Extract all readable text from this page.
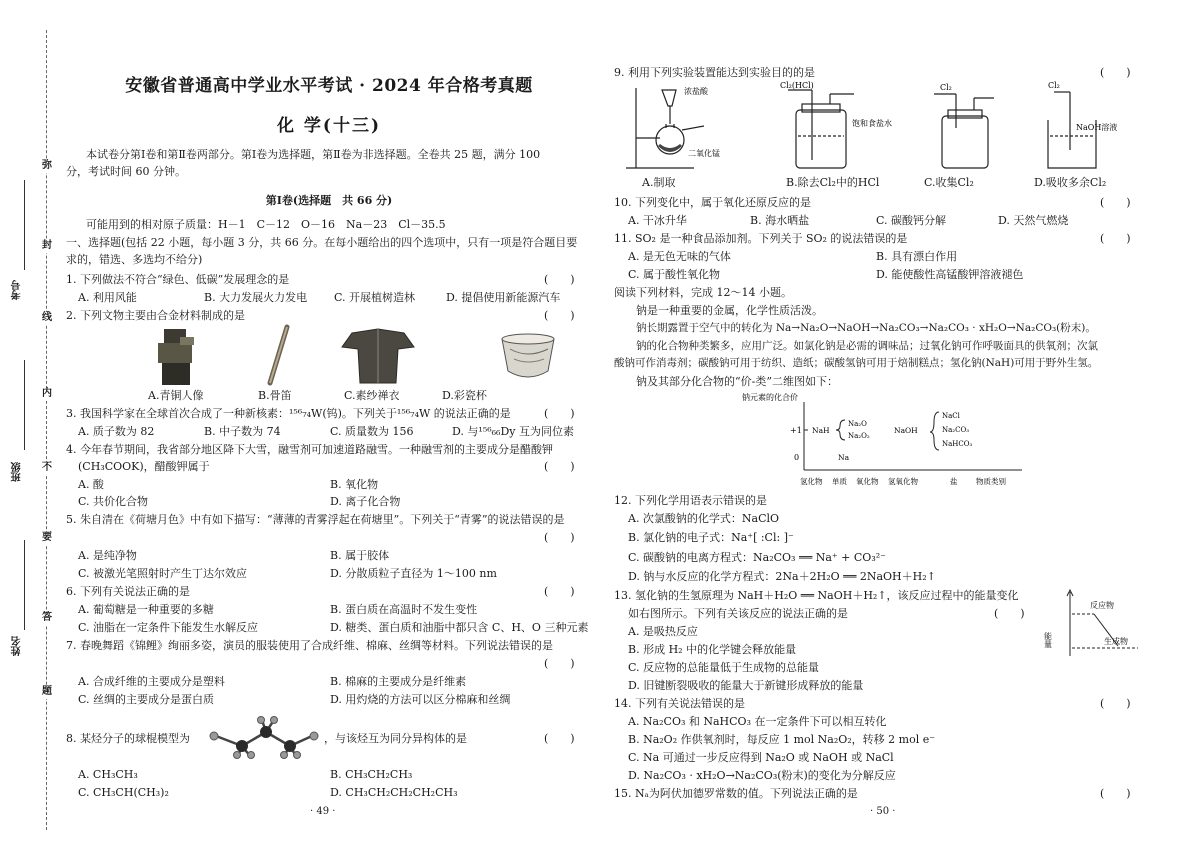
弥
封
线
内
不
要
答
题
考号
班级
姓名
安徽省普通高中学业水平考试 · 2024 年合格考真题
化 学(十三)
本试卷分第Ⅰ卷和第Ⅱ卷两部分。第Ⅰ卷为选择题，第Ⅱ卷为非选择题。全卷共 25 题，满分 100
分，考试时间 60 分钟。
第Ⅰ卷(选择题　共 66 分)
可能用到的相对原子质量：H－1　C－12　O－16　Na－23　Cl－35.5
一、选择题(包括 22 小题，每小题 3 分，共 66 分。在每小题给出的四个选项中，只有一项是符合题目要
求的，错选、多选均不给分)
1. 下列做法不符合“绿色、低碳”发展理念的是	(　　)
A. 利用风能	B. 大力发展火力发电 C. 开展植树造林	D. 提倡使用新能源汽车
2. 下列文物主要由合金材料制成的是	(　　)
A.青铜人像	B.骨笛	C.素纱禅衣	D.彩瓷杯
3. 我国科学家在全球首次合成了一种新核素：¹⁵⁶₇₄W(钨)。下列关于¹⁵⁶₇₄W 的说法正确的是	(　　)
A. 质子数为 82	B. 中子数为 74	C. 质量数为 156	D. 与¹⁵⁶₆₆Dy 互为同位素
4. 今年春节期间，我省部分地区降下大雪，融雪剂可加速道路融雪。一种融雪剂的主要成分是醋酸钾
(CH₃COOK)，醋酸钾属于	(　　)
A. 酸	B. 氧化物
C. 共价化合物	D. 离子化合物
5. 朱自清在《荷塘月色》中有如下描写：“薄薄的青雾浮起在荷塘里”。下列关于“青雾”的说法错误的是
(　　)
A. 是纯净物	B. 属于胶体
C. 被激光笔照射时产生丁达尔效应	D. 分散质粒子直径为 1～100 nm
6. 下列有关说法正确的是	(　　)
A. 葡萄糖是一种重要的多糖	B. 蛋白质在高温时不发生变性
C. 油脂在一定条件下能发生水解反应	D. 糖类、蛋白质和油脂中都只含 C、H、O 三种元素
7. 春晚舞蹈《锦鲤》绚丽多姿，演员的服装使用了合成纤维、棉麻、丝绸等材料。下列说法错误的是
(　　)
A. 合成纤维的主要成分是塑料	B. 棉麻的主要成分是纤维素
C. 丝绸的主要成分是蛋白质	D. 用灼烧的方法可以区分棉麻和丝绸
8. 某烃分子的球棍模型为	，与该烃互为同分异构体的是	(　　)
A. CH₃CH₃	B. CH₃CH₂CH₃
C. CH₃CH(CH₃)₂	D. CH₃CH₂CH₂CH₂CH₃
· 49 ·
9. 利用下列实验装置能达到实验目的的是	(　　)
浓盐酸
二氧化锰
Cl₂(HCl)
饱和食盐水
Cl₂	Cl₂
NaOH溶液
A.制取	B.除去Cl₂中的HCl	C.收集Cl₂	D.吸收多余Cl₂
10. 下列变化中，属于氧化还原反应的是	(　　)
A. 干冰升华	B. 海水晒盐	C. 碳酸钙分解	D. 天然气燃烧
11. SO₂ 是一种食品添加剂。下列关于 SO₂ 的说法错误的是	(　　)
A. 是无色无味的气体	B. 具有漂白作用
C. 属于酸性氧化物	D. 能使酸性高锰酸钾溶液褪色
阅读下列材料，完成 12～14 小题。
钠是一种重要的金属，化学性质活泼。
钠长期露置于空气中的转化为 Na→Na₂O→NaOH→Na₂CO₃→Na₂CO₃ · xH₂O→Na₂CO₃(粉末)。
钠的化合物种类繁多，应用广泛。如氯化钠是必需的调味品；过氧化钠可作呼吸面具的供氧剂；次氯
酸钠可作消毒剂；碳酸钠可用于纺织、造纸；碳酸氢钠可用于焙制糕点；氢化钠(NaH)可用于野外生氢。
钠及其部分化合物的“价-类”二维图如下：
钠元素的化合价
+1
0
NaH
Na₂O
Na₂O₂
NaOH
NaCl
Na₂CO₃
NaHCO₃
Na
氢化物 单质 氧化物 氢氧化物	盐 物质类别
12. 下列化学用语表示错误的是
A. 次氯酸钠的化学式：NaClO
B. 氯化钠的电子式：Na⁺[ :Cl: ]⁻
C. 碳酸钠的电离方程式：Na₂CO₃ ══ Na⁺ + CO₃²⁻
D. 钠与水反应的化学方程式：2Na＋2H₂O ══ 2NaOH＋H₂↑
13. 氢化钠的生氢原理为 NaH＋H₂O ══ NaOH＋H₂↑，该反应过程中的能量变化
如右图所示。下列有关该反应的说法正确的是	(　　)
能量
反应物
生成物
A. 是吸热反应
B. 形成 H₂ 中的化学键会释放能量
C. 反应物的总能量低于生成物的总能量
D. 旧键断裂吸收的能量大于新键形成释放的能量
14. 下列有关说法错误的是	(　　)
A. Na₂CO₃ 和 NaHCO₃ 在一定条件下可以相互转化
B. Na₂O₂ 作供氧剂时，每反应 1 mol Na₂O₂，转移 2 mol e⁻
C. Na 可通过一步反应得到 Na₂O 或 NaOH 或 NaCl
D. Na₂CO₃ · xH₂O→Na₂CO₃(粉末)的变化为分解反应
15. Nₐ为阿伏加德罗常数的值。下列说法正确的是	(　　)
· 50 ·
